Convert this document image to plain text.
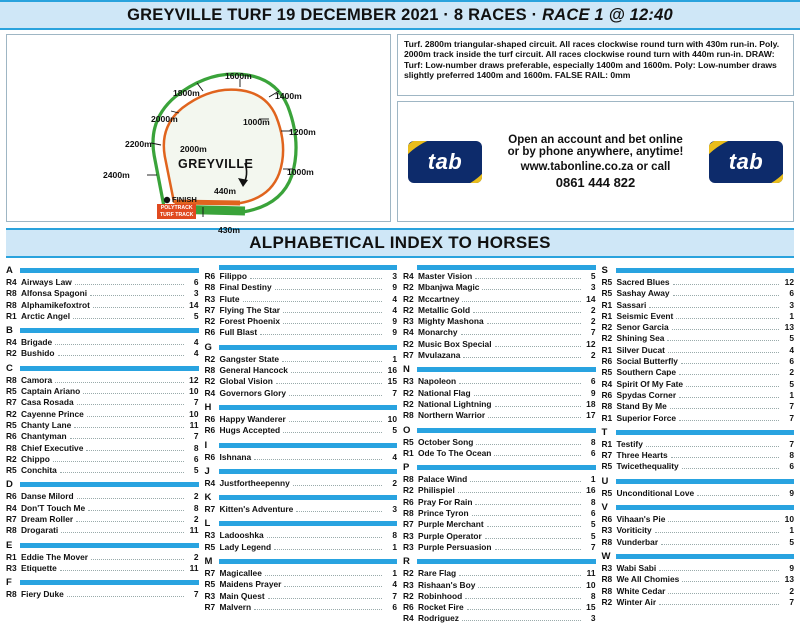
GREYVILLE TURF 19 DECEMBER 2021 · 8 RACES · RACE 1 @ 12:40
1600m
1400m
1800m
2000m	1000m
1200m
2200m	2000m
1000m
2400m
440m
430m
GREYVILLE
FINISH
POLYTRACK
TURF TRACK
Turf. 2800m triangular-shaped circuit. All races clockwise round turn with 430m run-in. Poly. 2000m track inside the turf circuit. All races clockwise round turn with 440m run-in. DRAW: Turf: Low-number draws preferable, especially 1400m and 1600m. Poly: Low-number draws slightly preferred 1400m and 1600m. FALSE RAIL: 0mm
tab
Open an account and bet online
or by phone anywhere, anytime!
www.tabonline.co.za or call
0861 444 822
tab
ALPHABETICAL INDEX TO HORSES
A
R4 Airways Law	6
R8 Alfonsa Spagoni	3
R8 Alphamikefoxtrot	14
R1 Arctic Angel	5
B
R4 Brigade	4
R2 Bushido	4
C
R8 Camora	12
R5 Captain Ariano	10
R7 Casa Rosada	7
R2 Cayenne Prince	10
R5 Chanty Lane	11
R6 Chantyman	7
R8 Chief Executive	8
R2 Chippo	6
R5 Conchita	5
D
R6 Danse Milord	2
R4 Don'T Touch Me	8
R7 Dream Roller	2
R8 Drogarati	11
E
R1 Eddie The Mover	2
R3 Etiquette	11
F
R8 Fiery Duke	7
R6 Filippo	3
R8 Final Destiny	9
R3 Flute	4
R7 Flying The Star	4
R2 Forest Phoenix	9
R6 Full Blast	9
G
R2 Gangster State	1
R8 General Hancock	16
R2 Global Vision	15
R4 Governors Glory	7
H
R6 Happy Wanderer	10
R6 Hugs Accepted	5
I
R6 Ishnana	4
J
R4 Justfortheepenny	2
K
R7 Kitten's Adventure	3
L
R3 Ladooshka	8
R5 Lady Legend	1
M
R7 Magicallee	1
R5 Maidens Prayer	4
R3 Main Quest	7
R7 Malvern	6
R4 Master Vision	5
R2 Mbanjwa Magic	3
R2 Mccartney	14
R2 Metallic Gold	2
R3 Mighty Mashona	2
R4 Monarchy	7
R2 Music Box Special	12
R7 Mvulazana	2
N
R3 Napoleon	6
R2 National Flag	9
R2 National Lightning	18
R8 Northern Warrior	17
O
R5 October Song	8
R1 Ode To The Ocean	6
P
R8 Palace Wind	1
R2 Philispiel	16
R6 Pray For Rain	8
R8 Prince Tyron	6
R7 Purple Merchant	5
R3 Purple Operator	5
R3 Purple Persuasion	7
R
R2 Rare Flag	11
R3 Rishaan's Boy	10
R2 Robinhood	8
R6 Rocket Fire	15
R4 Rodriguez	3
S
R5 Sacred Blues	12
R5 Sashay Away	6
R1 Sassari	3
R1 Seismic Event	1
R2 Senor Garcia	13
R2 Shining Sea	5
R1 Silver Ducat	4
R6 Social Butterfly	6
R5 Southern Cape	2
R4 Spirit Of My Fate	5
R6 Spydas Corner	1
R8 Stand By Me	7
R1 Superior Force	7
T
R1 Testify	7
R7 Three Hearts	8
R5 Twicethequality	6
U
R5 Unconditional Love	9
V
R6 Vihaan's Pie	10
R3 Voriticity	1
R8 Vunderbar	5
W
R3 Wabi Sabi	9
R8 We All Chomies	13
R8 White Cedar	2
R2 Winter Air	7
